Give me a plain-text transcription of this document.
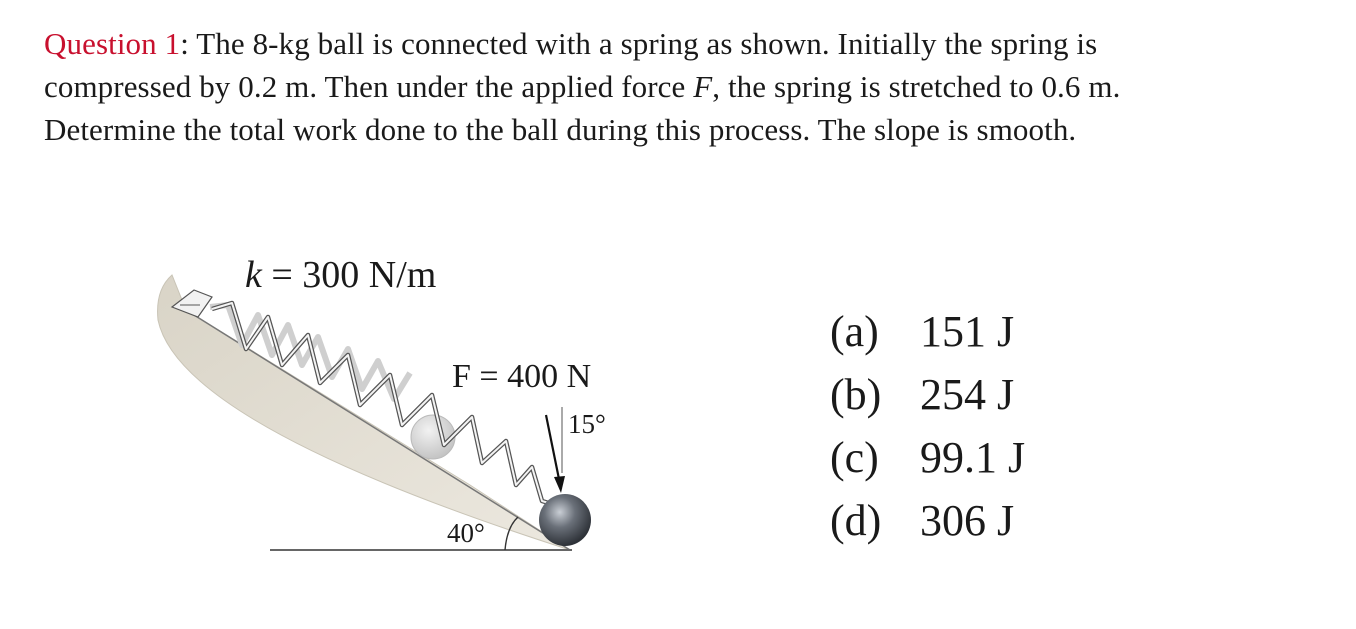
Question 1: The 8-kg ball is connected with a spring as shown. Initially the spring is
compressed by 0.2 m. Then under the applied force F, the spring is stretched to 0.6 m.
Determine the total work done to the ball during this process. The slope is smooth.
k = 300 N/m
F = 400 N
15°
40°
(a) 151 J
(b) 254 J
(c) 99.1 J
(d) 306 J
